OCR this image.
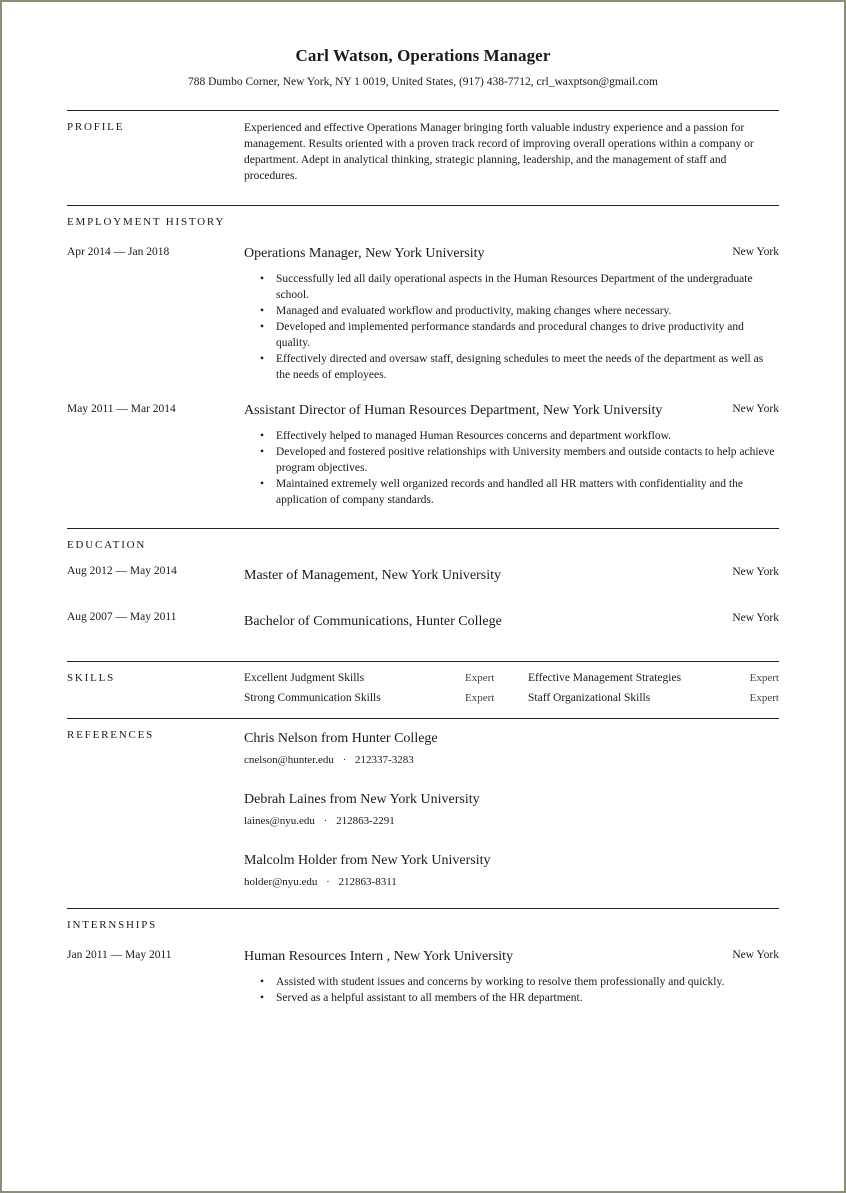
Carl Watson, Operations Manager
788 Dumbo Corner, New York, NY 1 0019, United States, (917) 438-7712, crl_waxptson@gmail.com
PROFILE	Experienced and effective Operations Manager bringing forth valuable industry experience and a passion for management. Results oriented with a proven track record of improving overall operations within a company or department. Adept in analytical thinking, strategic planning, leadership, and the management of staff and procedures.
EMPLOYMENT HISTORY
Apr 2014 — Jan 2018	Operations Manager, New York University	New York
• Successfully led all daily operational aspects in the Human Resources Department of the undergraduate school.
• Managed and evaluated workflow and productivity, making changes where necessary.
• Developed and implemented performance standards and procedural changes to drive productivity and quality.
• Effectively directed and oversaw staff, designing schedules to meet the needs of the department as well as the needs of employees.
May 2011 — Mar 2014	Assistant Director of Human Resources Department, New York University	New York
• Effectively helped to managed Human Resources concerns and department workflow.
• Developed and fostered positive relationships with University members and outside contacts to help achieve program objectives.
• Maintained extremely well organized records and handled all HR matters with confidentiality and the application of company standards.
EDUCATION
Aug 2012 — May 2014	Master of Management, New York University	New York
Aug 2007 — May 2011	Bachelor of Communications, Hunter College	New York
SKILLS	Excellent Judgment Skills	Expert	Effective Management Strategies	Expert
Strong Communication Skills	Expert	Staff Organizational Skills	Expert
REFERENCES	Chris Nelson from Hunter College
cnelson@hunter.edu · 212337-3283
Debrah Laines from New York University
laines@nyu.edu · 212863-2291
Malcolm Holder from New York University
holder@nyu.edu · 212863-8311
INTERNSHIPS
Jan 2011 — May 2011	Human Resources Intern , New York University	New York
• Assisted with student issues and concerns by working to resolve them professionally and quickly.
• Served as a helpful assistant to all members of the HR department.
